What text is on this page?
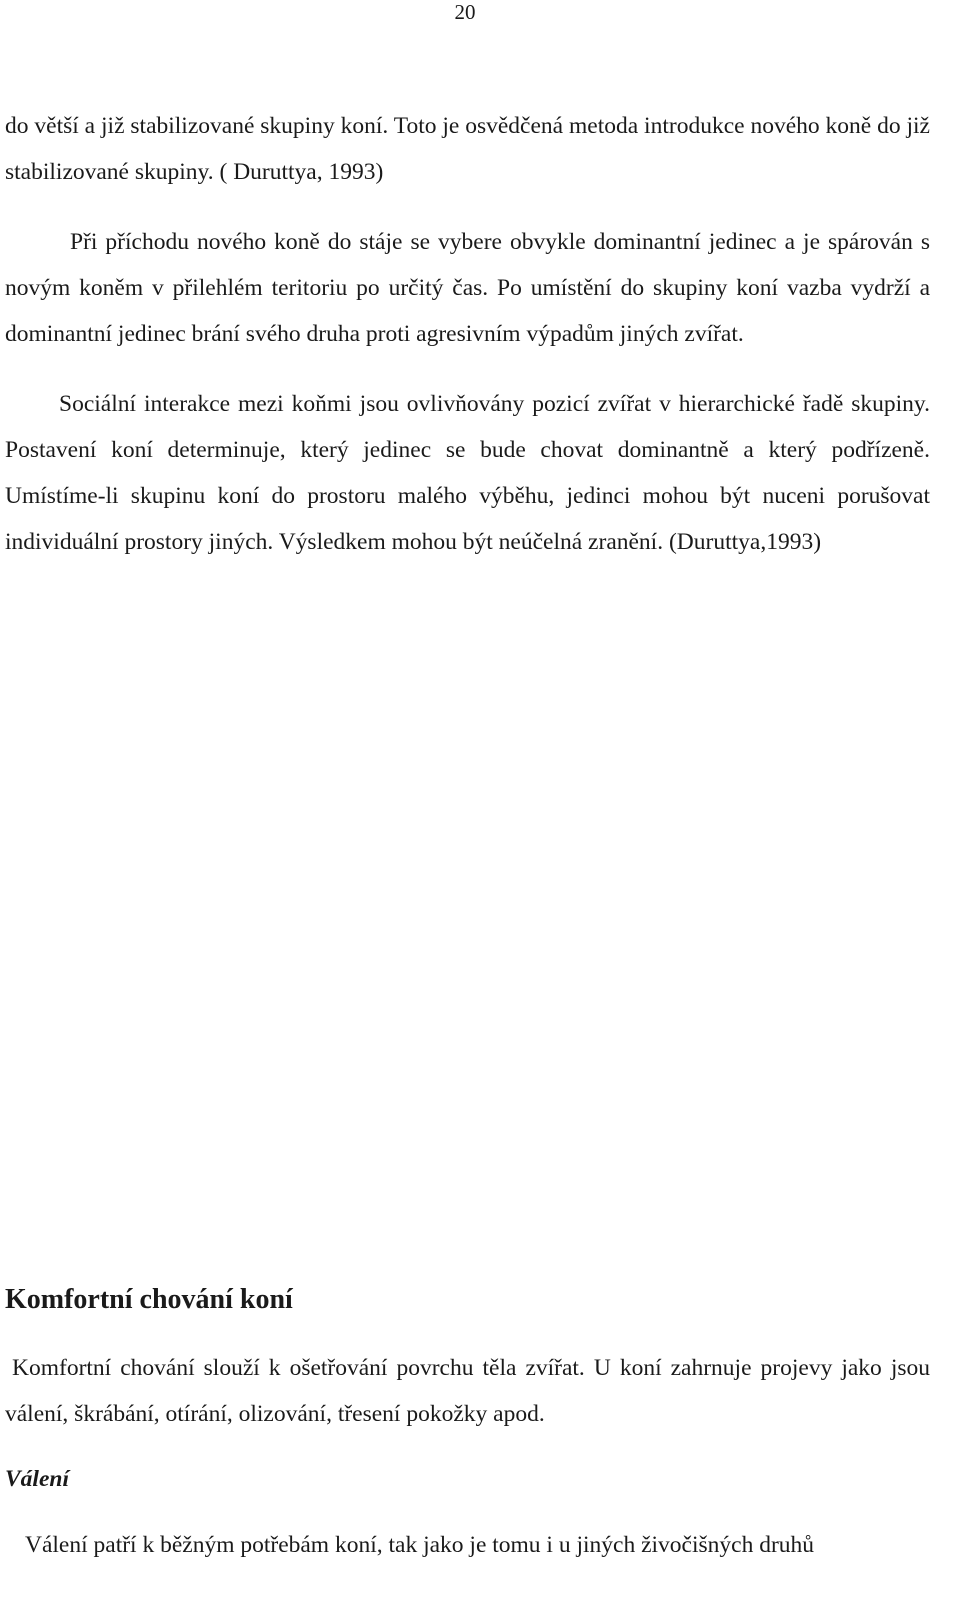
20

do větší a již stabilizované skupiny koní. Toto je osvědčená metoda introdukce nového koně do již stabilizované skupiny. ( Duruttya, 1993)

Při příchodu nového koně do stáje se vybere obvykle dominantní jedinec a je spárován s novým koněm v přilehlém teritoriu po určitý čas. Po umístění do skupiny koní vazba vydrží a dominantní jedinec brání svého druha proti agresivním výpadům jiných zvířat.

Sociální interakce mezi koňmi jsou ovlivňovány pozicí zvířat v hierarchické řadě skupiny. Postavení koní determinuje, který jedinec se bude chovat dominantně a který podřízeně. Umístíme-li skupinu koní do prostoru malého výběhu, jedinci mohou být nuceni porušovat individuální prostory jiných. Výsledkem mohou být neúčelná zranění. (Duruttya,1993)

Komfortní chování koní

Komfortní chování slouží k ošetřování povrchu těla zvířat. U koní zahrnuje projevy jako jsou válení, škrábání, otírání, olizování, třesení pokožky apod.

Válení

Válení patří k běžným potřebám koní, tak jako je tomu i u jiných živočišných druhů
